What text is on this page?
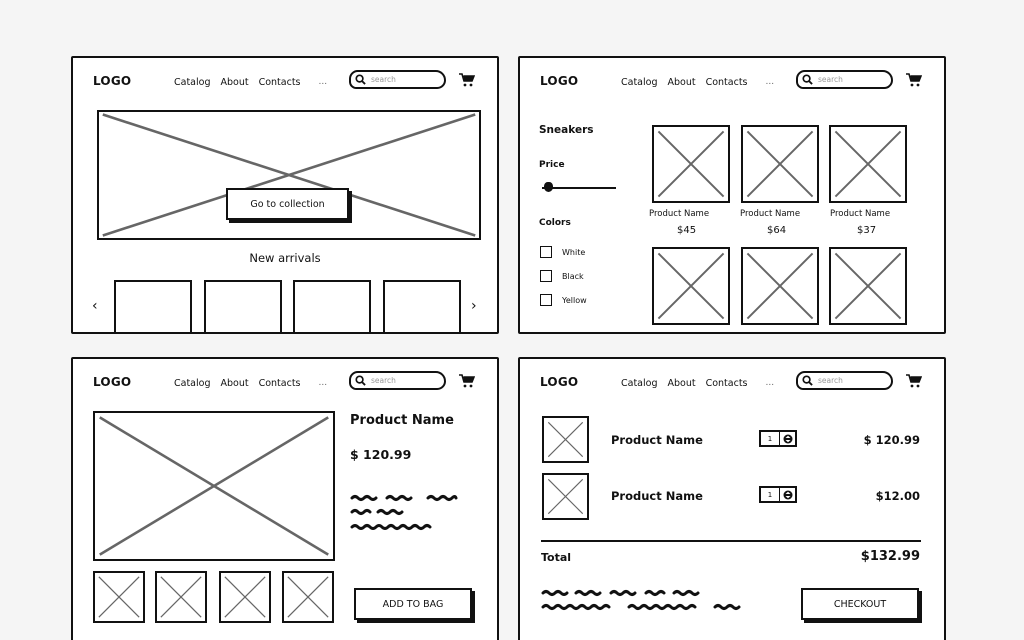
LOGO	Catalog About Contacts ...
search
Go to collection
New arrivals
‹	›
LOGO	Catalog About Contacts ...
search
Sneakers
Price
Colors
White
Black
Yellow
Product Name	Product Name	Product Name
$45	$64	$37
LOGO	Catalog About Contacts ...
search
Product Name
$ 120.99
ADD TO BAG
LOGO	Catalog About Contacts ...
search
Product Name	1	$ 120.99
Product Name	1	$12.00
Total	$132.99
CHECKOUT
